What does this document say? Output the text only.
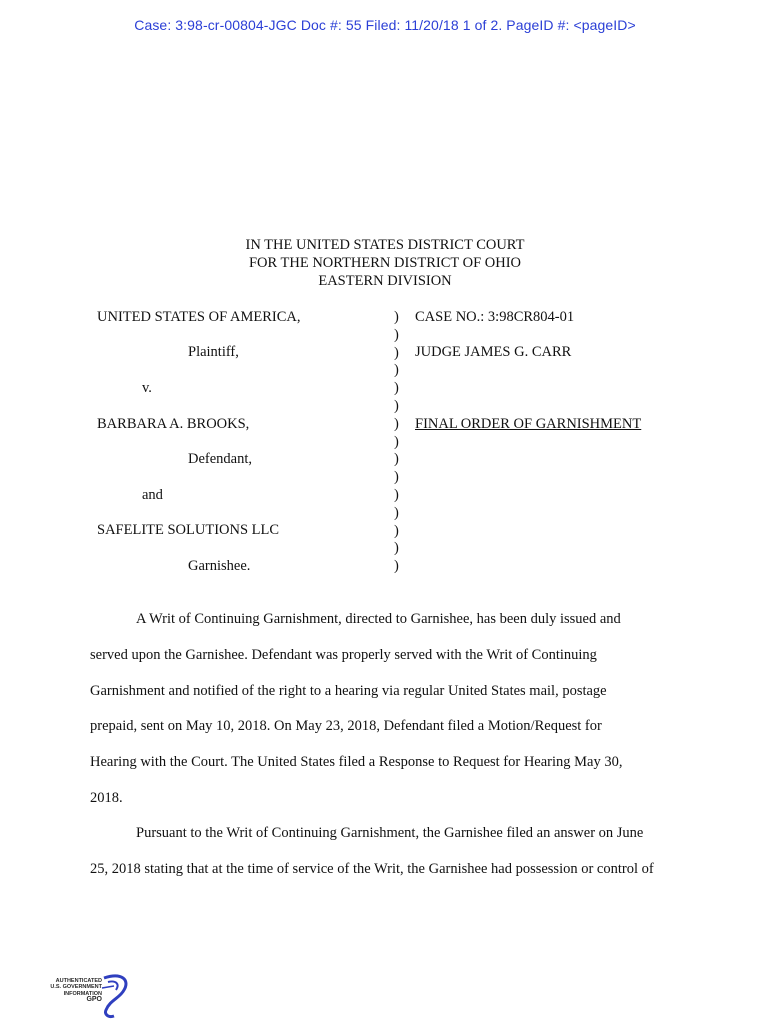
Case: 3:98-cr-00804-JGC Doc #: 55 Filed: 11/20/18 1 of 2. PageID #: <pageID>
IN THE UNITED STATES DISTRICT COURT
FOR THE NORTHERN DISTRICT OF OHIO
EASTERN DIVISION
UNITED STATES OF AMERICA,
Plaintiff,
v.
BARBARA A. BROOKS,
Defendant,
and
SAFELITE SOLUTIONS LLC
Garnishee.
)
)
)
)
)
)
)
)
)
)
)
)
)
)
)
CASE NO.: 3:98CR804-01
JUDGE JAMES G. CARR
FINAL ORDER OF GARNISHMENT
A Writ of Continuing Garnishment, directed to Garnishee, has been duly issued and
served upon the Garnishee. Defendant was properly served with the Writ of Continuing
Garnishment and notified of the right to a hearing via regular United States mail, postage
prepaid, sent on May 10, 2018. On May 23, 2018, Defendant filed a Motion/Request for
Hearing with the Court. The United States filed a Response to Request for Hearing May 30,
2018.
Pursuant to the Writ of Continuing Garnishment, the Garnishee filed an answer on June
25, 2018 stating that at the time of service of the Writ, the Garnishee had possession or control of
AUTHENTICATED
U.S. GOVERNMENT
INFORMATION
GPO
